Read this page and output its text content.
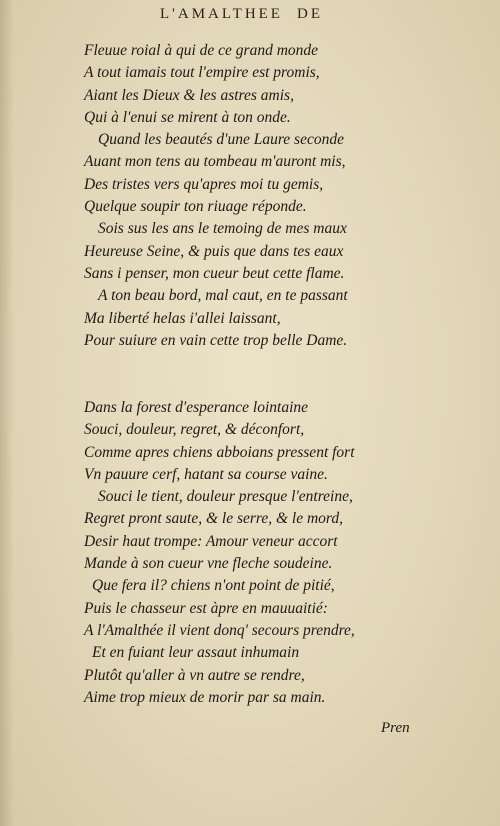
L'AMALTHEE DE
Fleuue roial à qui de ce grand monde
A tout iamais tout l'empire est promis,
Aiant les Dieux & les astres amis,
Qui à l'enui se mirent à ton onde.
Quand les beautés d'une Laure seconde
Auant mon tens au tombeau m'auront mis,
Des tristes vers qu'apres moi tu gemis,
Quelque soupir ton riuage réponde.
Sois sus les ans le temoing de mes maux
Heureuse Seine, & puis que dans tes eaux
Sans i penser, mon cueur beut cette flame.
A ton beau bord, mal caut, en te passant
Ma liberté helas i'allei laissant,
Pour suiure en vain cette trop belle Dame.
Dans la forest d'esperance lointaine
Souci, douleur, regret, & déconfort,
Comme apres chiens abboians pressent fort
Vn pauure cerf, hatant sa course vaine.
Souci le tient, douleur presque l'entreine,
Regret pront saute, & le serre, & le mord,
Desir haut trompe: Amour veneur accort
Mande à son cueur vne fleche soudeine.
Que fera il? chiens n'ont point de pitié,
Puis le chasseur est àpre en mauuaitié:
A l'Amalthée il vient donq' secours prendre,
Et en fuiant leur assaut inhumain
Plutôt qu'aller à vn autre se rendre,
Aime trop mieux de morir par sa main.
Pren
